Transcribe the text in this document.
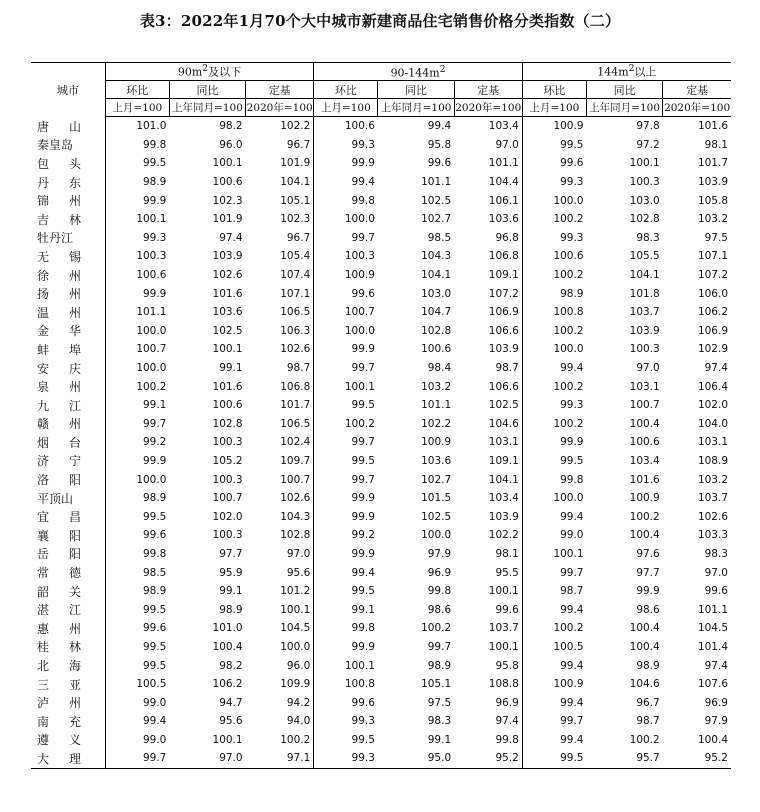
表3：2022年1月70个大中城市新建商品住宅销售价格分类指数（二）
城市	$90m^2$及以下			$90-144m^2$			$144m^2$以上		
	环比	同比	定基	环比	同比	定基	环比	同比	定基
	上月=100	上年同月=100	2020年=100	上月=100	上年同月=100	2020年=100	上月=100	上年同月=100	2020年=100

唐 山	101.0	98.2	102.2	100.6	99.4	103.4	100.9	97.8	101.6

秦皇岛	99.8	96.0	96.7	99.3	95.8	97.0	99.5	97.2	98.1

包 头	99.5	100.1	101.9	99.9	99.6	101.1	99.6	100.1	101.7

丹 东	98.9	100.6	104.1	99.4	101.1	104.4	99.3	100.3	103.9

锦 州	99.9	102.3	105.1	99.8	102.5	106.1	100.0	103.0	105.8

吉 林	100.1	101.9	102.3	100.0	102.7	103.6	100.2	102.8	103.2

牡丹江	99.3	97.4	96.7	99.7	98.5	96.8	99.3	98.3	97.5

无 锡	100.3	103.9	105.4	100.3	104.3	106.8	100.6	105.5	107.1

徐 州	100.6	102.6	107.4	100.9	104.1	109.1	100.2	104.1	107.2

扬 州	99.9	101.6	107.1	99.6	103.0	107.2	98.9	101.8	106.0

温 州	101.1	103.6	106.5	100.7	104.7	106.9	100.8	103.7	106.2

金 华	100.0	102.5	106.3	100.0	102.8	106.6	100.2	103.9	106.9

蚌 埠	100.7	100.1	102.6	99.9	100.6	103.9	100.0	100.3	102.9

安 庆	100.0	99.1	98.7	99.7	98.4	98.7	99.4	97.0	97.4

泉 州	100.2	101.6	106.8	100.1	103.2	106.6	100.2	103.1	106.4

九 江	99.1	100.6	101.7	99.5	101.1	102.5	99.3	100.7	102.0

赣 州	99.7	102.8	106.5	100.2	102.2	104.6	100.2	100.4	104.0

烟 台	99.2	100.3	102.4	99.7	100.9	103.1	99.9	100.6	103.1

济 宁	99.9	105.2	109.7	99.5	103.6	109.1	99.5	103.4	108.9

洛 阳	100.0	100.3	100.7	99.7	102.7	104.1	99.8	101.6	103.2

平顶山	98.9	100.7	102.6	99.9	101.5	103.4	100.0	100.9	103.7

宜 昌	99.5	102.0	104.3	99.9	102.5	103.9	99.4	100.2	102.6

襄 阳	99.6	100.3	102.8	99.2	100.0	102.2	99.0	100.4	103.3

岳 阳	99.8	97.7	97.0	99.9	97.9	98.1	100.1	97.6	98.3

常 德	98.5	95.9	95.6	99.4	96.9	95.5	99.7	97.7	97.0

韶 关	98.9	99.1	101.2	99.5	99.8	100.1	98.7	99.9	99.6

湛 江	99.5	98.9	100.1	99.1	98.6	99.6	99.4	98.6	101.1

惠 州	99.6	101.0	104.5	99.8	100.2	103.7	100.2	100.4	104.5

桂 林	99.5	100.4	100.0	99.9	99.7	100.1	100.5	100.4	101.4

北 海	99.5	98.2	96.0	100.1	98.9	95.8	99.4	98.9	97.4

三 亚	100.5	106.2	109.9	100.8	105.1	108.8	100.9	104.6	107.6

泸 州	99.0	94.7	94.2	99.6	97.5	96.9	99.4	96.7	96.9

南 充	99.4	95.6	94.0	99.3	98.3	97.4	99.7	98.7	97.9

遵 义	99.0	100.1	100.2	99.5	99.1	99.8	99.4	100.2	100.4

大 理	99.7	97.0	97.1	99.3	95.0	95.2	99.5	95.7	95.2
